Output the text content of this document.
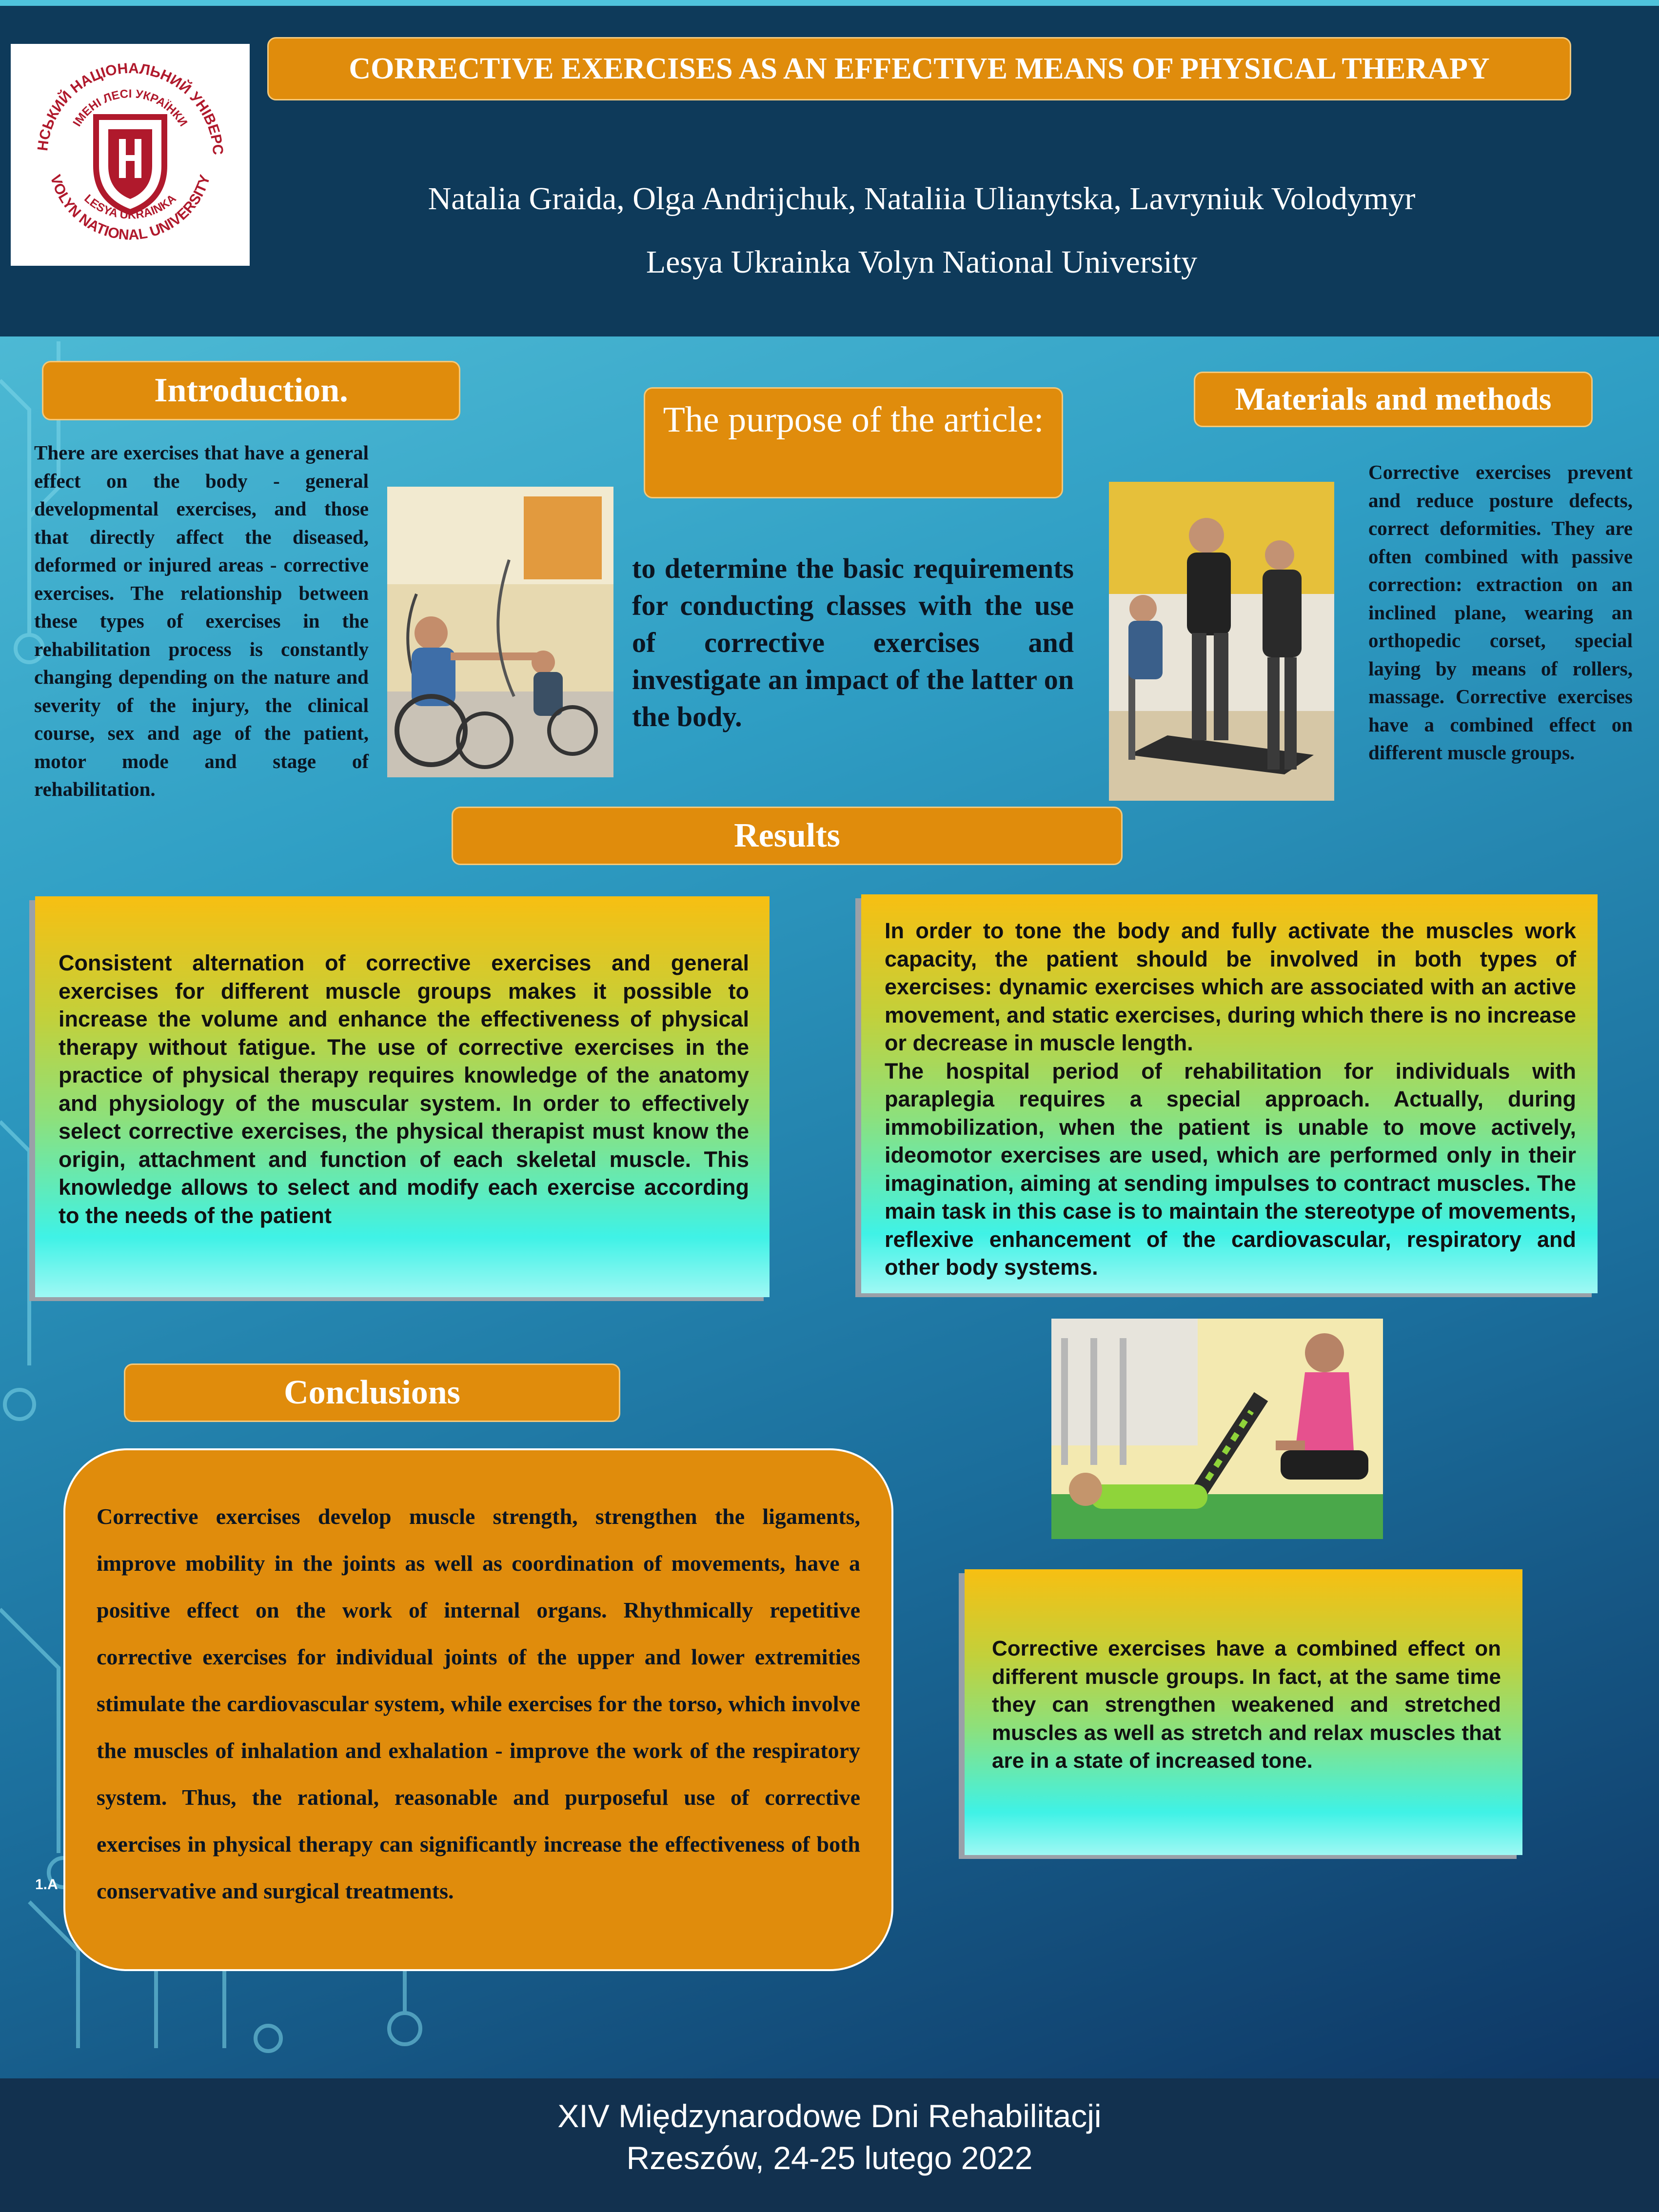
НСЬКИЙ НАЦІОНАЛЬНИЙ УНІВЕРС
ІМЕНІ ЛЕСІ УКРАЇНКИ
LESYA UKRAINKA
VOLYN NATIONAL UNIVERSITY
CORRECTIVE EXERCISES AS AN EFFECTIVE MEANS OF PHYSICAL THERAPY
Natalia Graida, Olga Andrijchuk, Nataliia Ulianytska, Lavryniuk Volodymyr
Lesya Ukrainka Volyn National University
Introduction.
There are exercises that have a general effect on the body - general developmental exercises, and those that directly affect the diseased, deformed or injured areas - corrective exercises. The relationship between these types of exercises in the rehabilitation process is constantly changing depending on the nature and severity of the injury, the clinical course, sex and age of the patient, motor mode and stage of rehabilitation.
The purpose of the article:
to determine the basic requirements for conducting classes with the use of corrective exercises and investigate an impact of the latter on the body.
Materials and methods
Corrective exercises prevent and reduce posture defects, correct deformities. They are often combined with passive correction: extraction on an inclined plane, wearing an orthopedic corset, special laying by means of rollers, massage. Corrective exercises have a combined effect on different muscle groups.
Results
Consistent alternation of corrective exercises and general exercises for different muscle groups makes it possible to increase the volume and enhance the effectiveness of physical therapy without fatigue. The use of corrective exercises in the practice of physical therapy requires knowledge of the anatomy and physiology of the muscular system. In order to effectively select corrective exercises, the physical therapist must know the origin, attachment and function of each skeletal muscle. This knowledge allows to select and modify each exercise according to the needs of the patient
In order to tone the body and fully activate the muscles work capacity, the patient should be involved in both types of exercises: dynamic exercises which are associated with an active movement, and static exercises, during which there is no increase or decrease in muscle length.
The hospital period of rehabilitation for individuals with paraplegia requires a special approach. Actually, during immobilization, when the patient is unable to move actively, ideomotor exercises are used, which are performed only in their imagination, aiming at sending impulses to contract muscles. The main task in this case is to maintain the stereotype of movements, reflexive enhancement of the cardiovascular, respiratory and other body systems.
Corrective exercises have a combined effect on different muscle groups. In fact, at the same time they can strengthen weakened and stretched muscles as well as stretch and relax muscles that are in a state of increased tone.
Conclusions
1.A
Corrective exercises develop muscle strength, strengthen the ligaments, improve mobility in the joints as well as coordination of movements, have a positive effect on the work of internal organs. Rhythmically repetitive corrective exercises for individual joints of the upper and lower extremities stimulate the cardiovascular system, while exercises for the torso, which involve the muscles of inhalation and exhalation - improve the work of the respiratory system. Thus, the rational, reasonable and purposeful use of corrective exercises in physical therapy can significantly increase the effectiveness of both conservative and surgical treatments.
XIV Międzynarodowe Dni Rehabilitacji
Rzeszów, 24-25 lutego 2022
